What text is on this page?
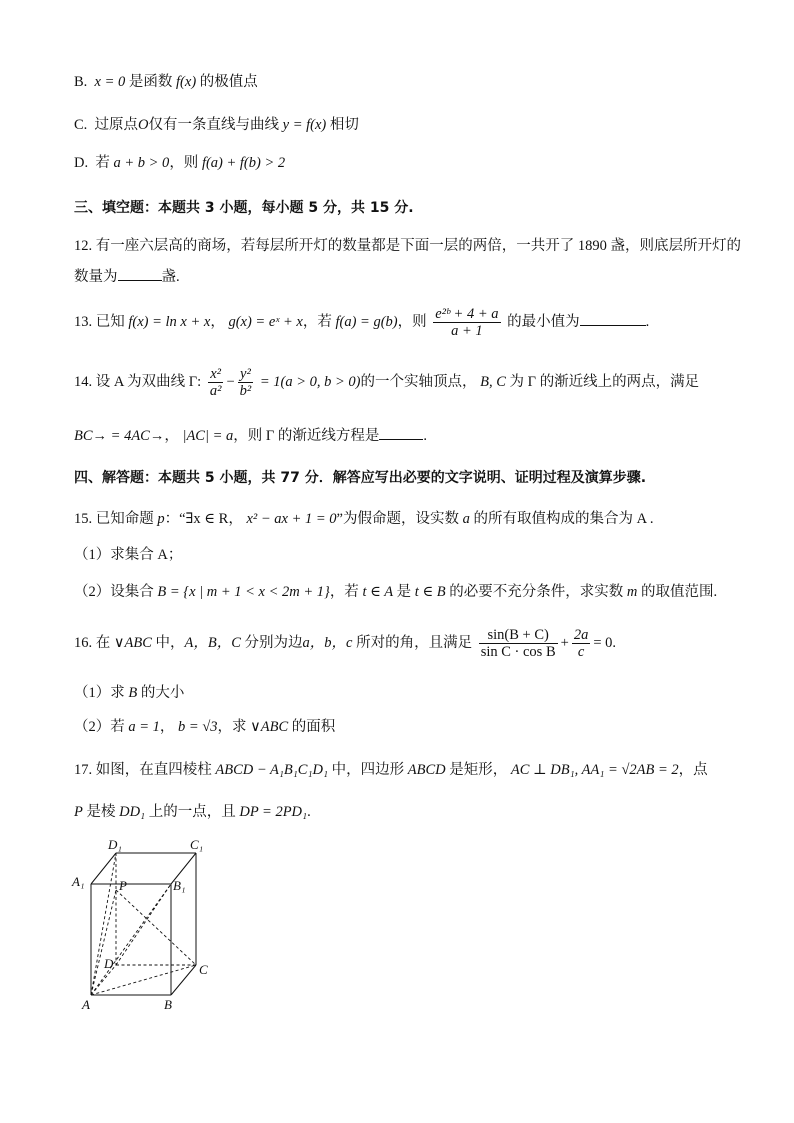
B. x = 0 是函数 f(x) 的极值点
C. 过原点O仅有一条直线与曲线 y = f(x) 相切
D. 若 a + b > 0，则 f(a) + f(b) > 2
三、填空题：本题共 3 小题，每小题 5 分，共 15 分.
12. 有一座六层高的商场，若每层所开灯的数量都是下面一层的两倍，一共开了 1890 盏，则底层所开灯的
数量为	盏.
13. 已知 f(x) = ln x + x， g(x) = eˣ + x，若 f(a) = g(b)，则 $\frac{\text{e²ᵇ + 4 + a}}{a + 1}$ 的最小值为	.
14. 设 A 为双曲线 Γ: $\frac{\text{x²}}{\text{a²}} - \frac{\text{y²}}{\text{b²}} = 1(a > 0$, b > 0)的一个实轴顶点， B, C 为 Γ 的渐近线上的两点，满足
BC→ = 4AC→， |AC| = a，则 Γ 的渐近线方程是	.
四、解答题：本题共 5 小题，共 77 分．解答应写出必要的文字说明、证明过程及演算步骤.
15. 已知命题 p：“∃x ∈ R， x² − ax + 1 = 0”为假命题，设实数 a 的所有取值构成的集合为 A .
（1）求集合 A；
（2）设集合 B = {x | m + 1 < x < 2m + 1}，若 t ∈ A 是 t ∈ B 的必要不充分条件，求实数 m 的取值范围.
16. 在 ∨ABC 中，A，B，C 分别为边a，b，c 所对的角，且满足 $\frac{\sin(B + C)}{\text{sin C · cos B}} + \frac{2a}{c} = 0$.
（1）求 B 的大小
（2）若 a = 1， b = √3，求 ∨ABC 的面积
17. 如图，在直四棱柱 ABCD − A₁B₁C₁D₁ 中，四边形 ABCD 是矩形， AC ⊥ DB₁, AA₁ = √2AB = 2，点
P 是棱 DD₁ 上的一点，且 DP = 2PD₁.
D₁	C₁
A₁	P	B₁
D	C
A	B
